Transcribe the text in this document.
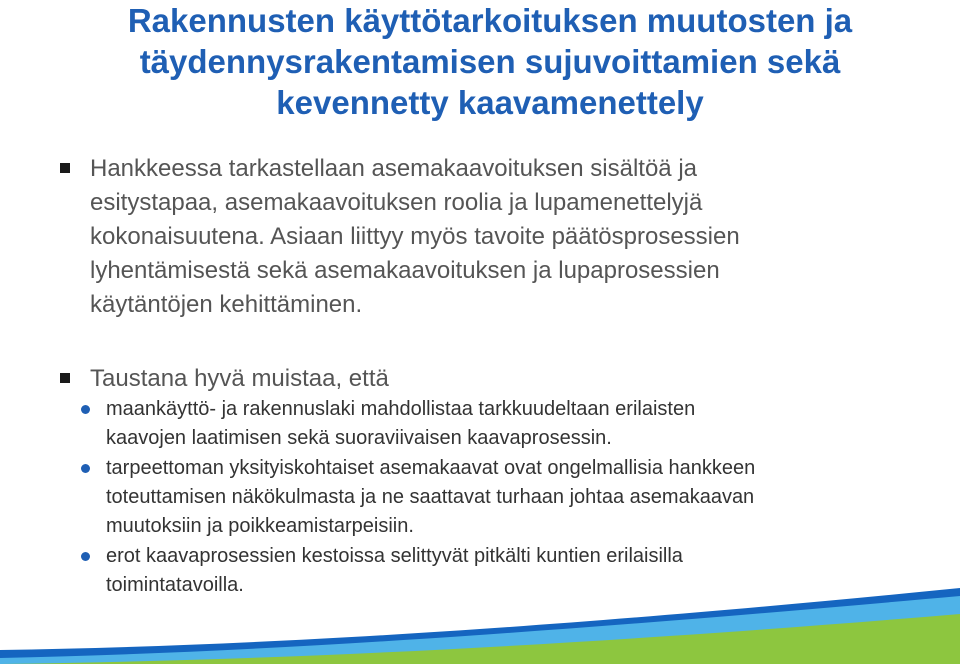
Rakennusten käyttötarkoituksen muutosten ja
täydennysrakentamisen sujuvoittamien sekä
kevennetty kaavamenettely
Hankkeessa tarkastellaan asemakaavoituksen sisältöä ja
esitystapaa, asemakaavoituksen roolia ja lupamenettelyjä
kokonaisuutena. Asiaan liittyy myös tavoite päätösprosessien
lyhentämisestä sekä asemakaavoituksen ja lupaprosessien
käytäntöjen kehittäminen.
Taustana hyvä muistaa, että
maankäyttö- ja rakennuslaki mahdollistaa tarkkuudeltaan erilaisten
kaavojen laatimisen sekä suoraviivaisen kaavaprosessin.
tarpeettoman yksityiskohtaiset asemakaavat ovat ongelmallisia hankkeen
toteuttamisen näkökulmasta ja ne saattavat turhaan johtaa asemakaavan
muutoksiin ja poikkeamistarpeisiin.
erot kaavaprosessien kestoissa selittyvät pitkälti kuntien erilaisilla
toimintatavoilla.
